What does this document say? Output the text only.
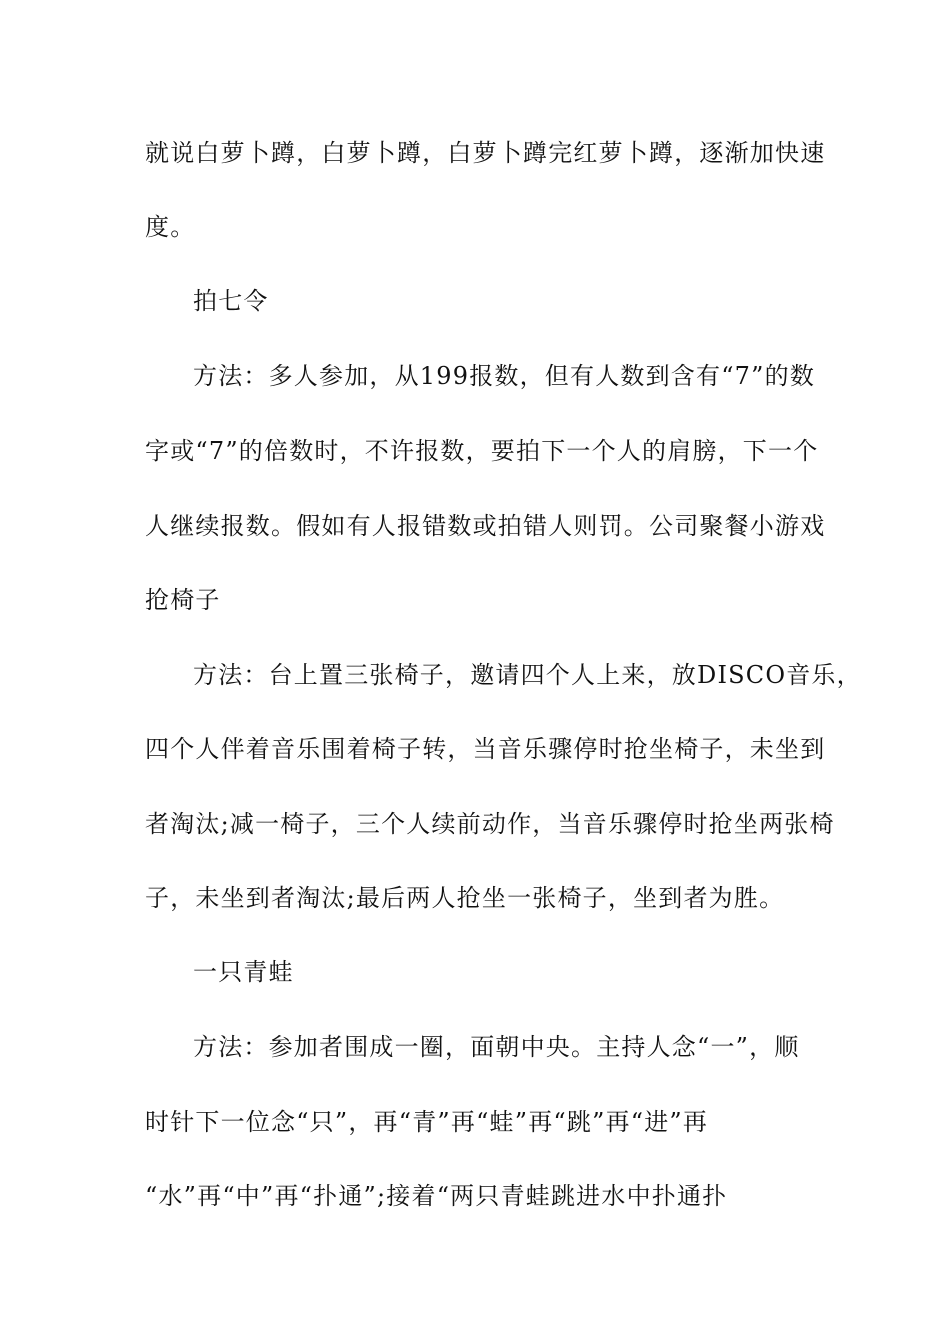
就说白萝卜蹲，白萝卜蹲，白萝卜蹲完红萝卜蹲，逐渐加快速
度。
拍七令
方法：多人参加，从199报数，但有人数到含有“7”的数
字或“7”的倍数时，不许报数，要拍下一个人的肩膀，下一个
人继续报数。假如有人报错数或拍错人则罚。公司聚餐小游戏
抢椅子
方法：台上置三张椅子，邀请四个人上来，放DISCO音乐，
四个人伴着音乐围着椅子转，当音乐骤停时抢坐椅子，未坐到
者淘汰;减一椅子，三个人续前动作，当音乐骤停时抢坐两张椅
子，未坐到者淘汰;最后两人抢坐一张椅子，坐到者为胜。
一只青蛙
方法：参加者围成一圈，面朝中央。主持人念“一”，顺
时针下一位念“只”，再“青”再“蛙”再“跳”再“进”再
“水”再“中”再“扑通”;接着“两只青蛙跳进水中扑通扑
